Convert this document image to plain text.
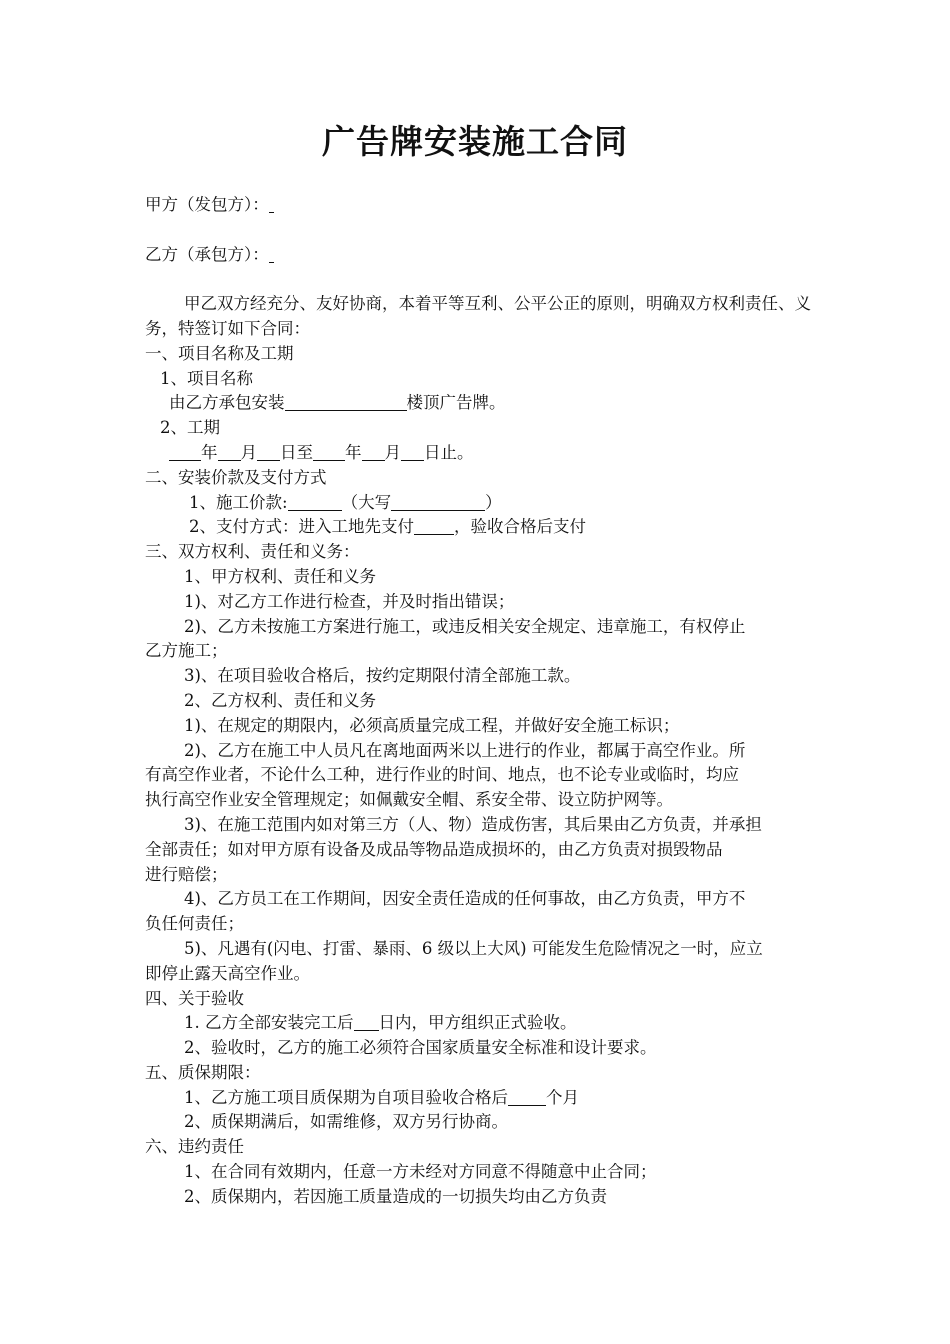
广告牌安装施工合同
甲方（发包方）：
乙方（承包方）：
甲乙双方经充分、友好协商，本着平等互利、公平公正的原则，明确双方权利责任、义务，特签订如下合同：
一、项目名称及工期
1、项目名称
由乙方承包安装	楼顶广告牌。
2、工期
年 月 日至 年 月 日止。
二、安装价款及支付方式
1、施工价款:	（大写	）
2、支付方式：进入工地先支付 ，验收合格后支付
三、双方权利、责任和义务：
1、甲方权利、责任和义务
1)、对乙方工作进行检查，并及时指出错误；
2)、乙方未按施工方案进行施工，或违反相关安全规定、违章施工，有权停止
乙方施工；
3)、在项目验收合格后，按约定期限付清全部施工款。
2、乙方权利、责任和义务
1)、在规定的期限内，必须高质量完成工程，并做好安全施工标识；
2)、乙方在施工中人员凡在离地面两米以上进行的作业，都属于高空作业。所
有高空作业者，不论什么工种，进行作业的时间、地点，也不论专业或临时，均应
执行高空作业安全管理规定；如佩戴安全帽、系安全带、设立防护网等。
3)、在施工范围内如对第三方（人、物）造成伤害，其后果由乙方负责，并承担
全部责任；如对甲方原有设备及成品等物品造成损坏的，由乙方负责对损毁物品
进行赔偿；
4)、乙方员工在工作期间，因安全责任造成的任何事故，由乙方负责，甲方不
负任何责任；
5)、凡遇有(闪电、打雷、暴雨、6 级以上大风) 可能发生危险情况之一时，应立
即停止露天高空作业。
四、关于验收
1. 乙方全部安装完工后 日内，甲方组织正式验收。
2、验收时，乙方的施工必须符合国家质量安全标准和设计要求。
五、质保期限：
1、乙方施工项目质保期为自项目验收合格后 个月
2、质保期满后，如需维修，双方另行协商。
六、违约责任
1、在合同有效期内，任意一方未经对方同意不得随意中止合同；
2、质保期内，若因施工质量造成的一切损失均由乙方负责
